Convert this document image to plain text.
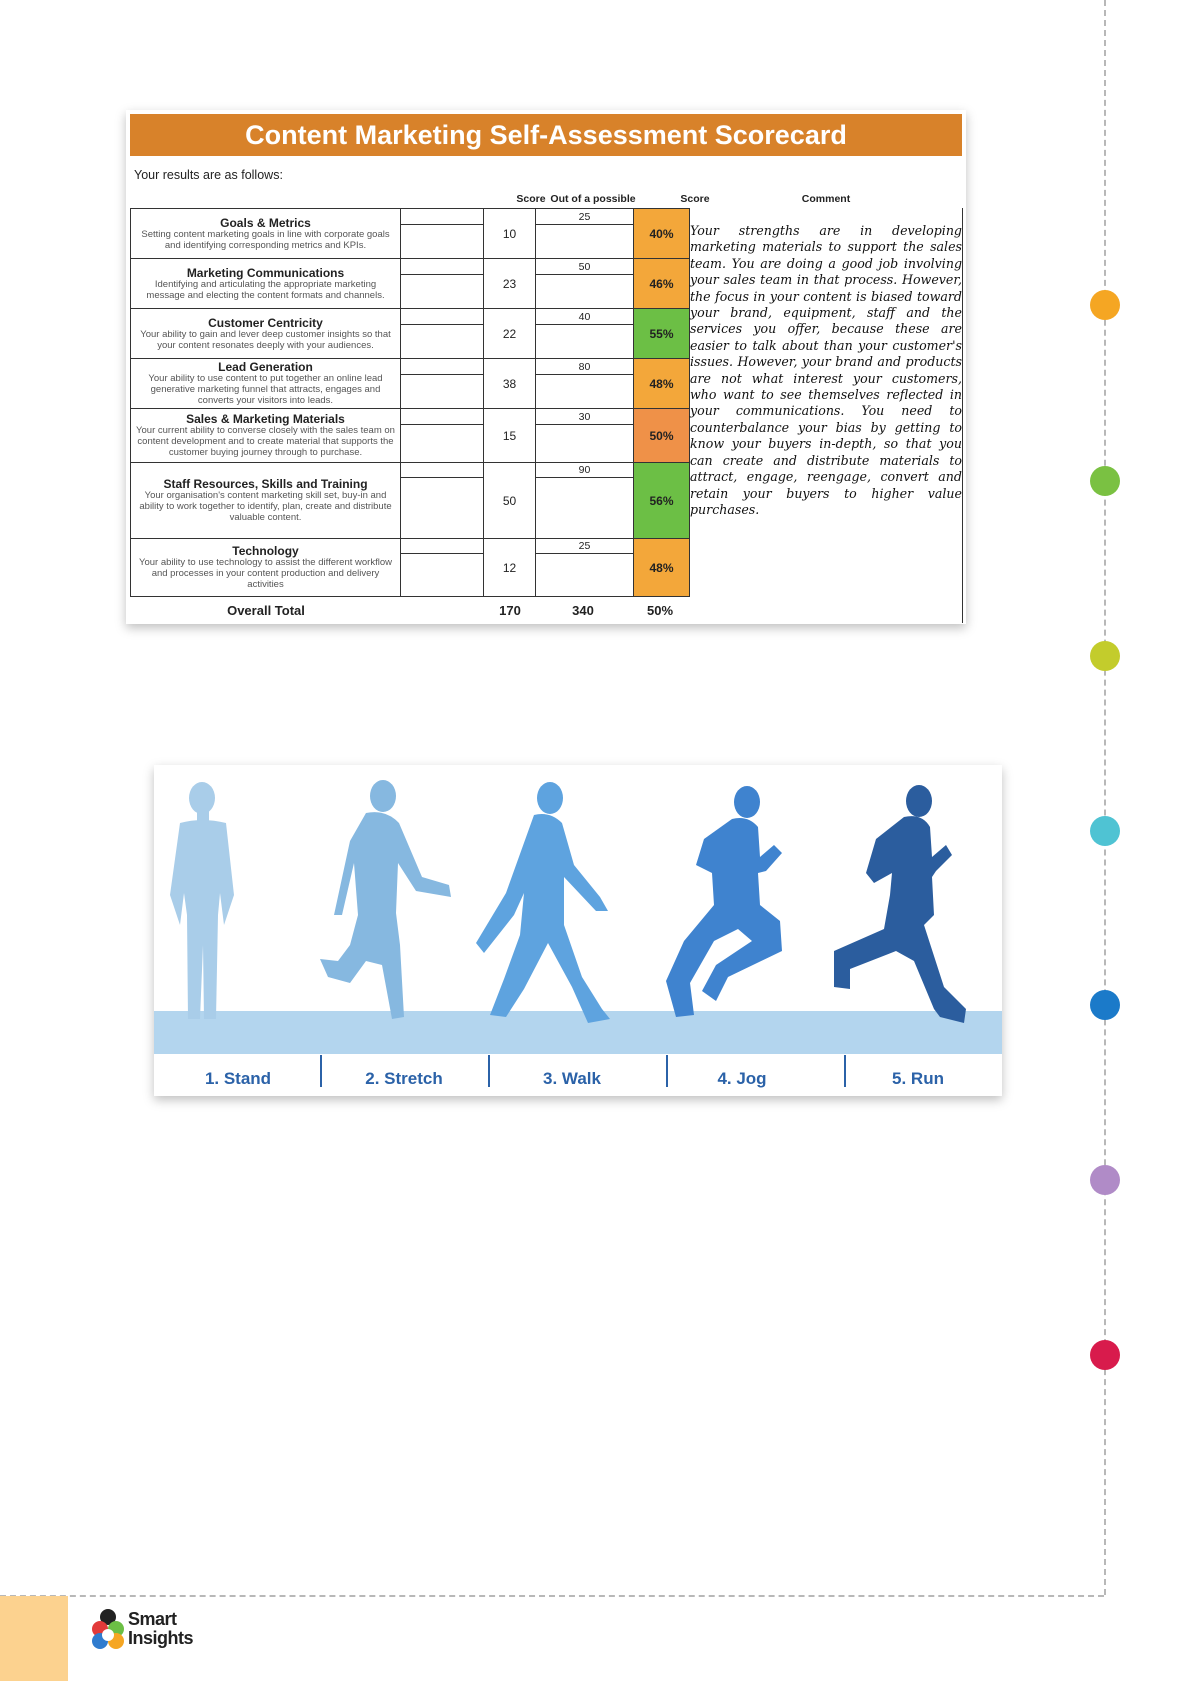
Content Marketing Self-Assessment Scorecard
Your results are as follows:
Score Out of a possible	Score	Comment
Goals & Metrics
Setting content marketing goals in line with corporate goals and identifying corresponding metrics and KPIs.		10	25	40%

Marketing Communications
Identifying and articulating the appropriate marketing message and electing the content formats and channels.		23	50	46%

Customer Centricity
Your ability to gain and lever deep customer insights so that your content resonates deeply with your audiences.		22	40	55%

Lead Generation
Your ability to use content to put together an online lead generative marketing funnel that attracts, engages and converts your visitors into leads.		38	80	48%

Sales & Marketing Materials
Your current ability to converse closely with the sales team on content development and to create material that supports the customer buying journey through to purchase.		15	30	50%

Staff Resources, Skills and Training
Your organisation's content marketing skill set, buy-in and ability to work together to identify, plan, create and distribute valuable content.		50	90	56%

Technology
Your ability to use technology to assist the different workflow and processes in your content production and delivery activities		12	25	48%

Your strengths are in developing marketing materials to support the sales team. You are doing a good job involving your sales team in that process. However, the focus in your content is biased toward your brand, equipment, staff and the services you offer, because these are easier to talk about than your customer's issues. However, your brand and products are not what interest your customers, who want to see themselves reflected in your communications. You need to counterbalance your bias by getting to know your buyers in-depth, so that you can create and distribute materials to attract, engage, reengage, convert and retain your buyers to higher value purchases.
Overall Total	170	340	50%
1. Stand	2. Stretch	3. Walk	4. Jog	5. Run
Smart
Insights
